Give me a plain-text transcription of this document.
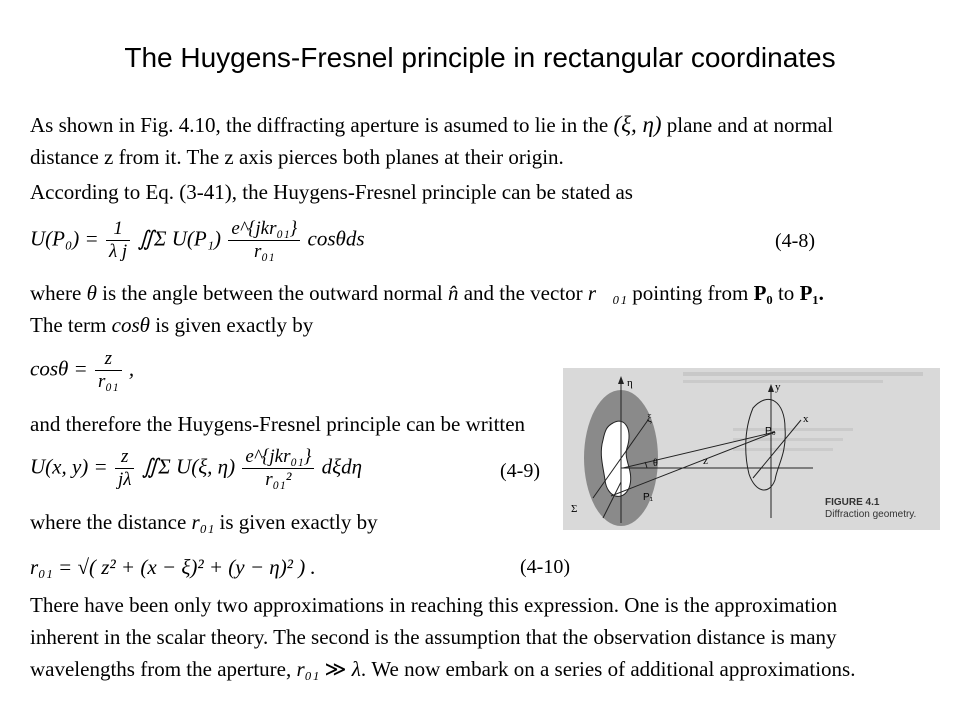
The Huygens-Fresnel principle in rectangular coordinates
As shown in Fig. 4.10, the diffracting aperture is asumed to lie in the (ξ, η) plane and at normal
distance z from it. The z axis pierces both planes at their origin.
According to Eq. (3-41), the Huygens-Fresnel principle can be stated as
$U(P_0) = \frac{1}{\text{λ j}}$ ∬Σ $U(P_1) \frac{\text{e\textasciicircum{}\{jkr₀₁\}}}{\text{r₀₁}}$ cosθds	(4-8)
where θ is the angle between the outward normal n̂ and the vector r⃗₀₁ pointing from P₀ to P₁.
The term cosθ is given exactly by
$\cos\theta = \frac{z}{\text{r₀₁}}$ ,
and therefore the Huygens-Fresnel principle can be written
U(x, $y) = \frac{z}{j\lambda}$ ∬Σ U(ξ, $\eta) \frac{\text{e\textasciicircum{}\{jkr₀₁\}}}{\text{r₀₁²}}$ dξdη	(4-9)
where the distance r₀₁ is given exactly by
r₀₁ = √( z² + (x − ξ)² + (y − η)² ) .	(4-10)
There have been only two approximations in reaching this expression. One is the approximation
inherent in the scalar theory. The second is the assumption that the observation distance is many
wavelengths from the aperture, r₀₁ ≫ λ. We now embark on a series of additional approximations.
η
ξ
y
x
z
θ
P₀
P₁
Σ
FIGURE 4.1
Diffraction geometry.
